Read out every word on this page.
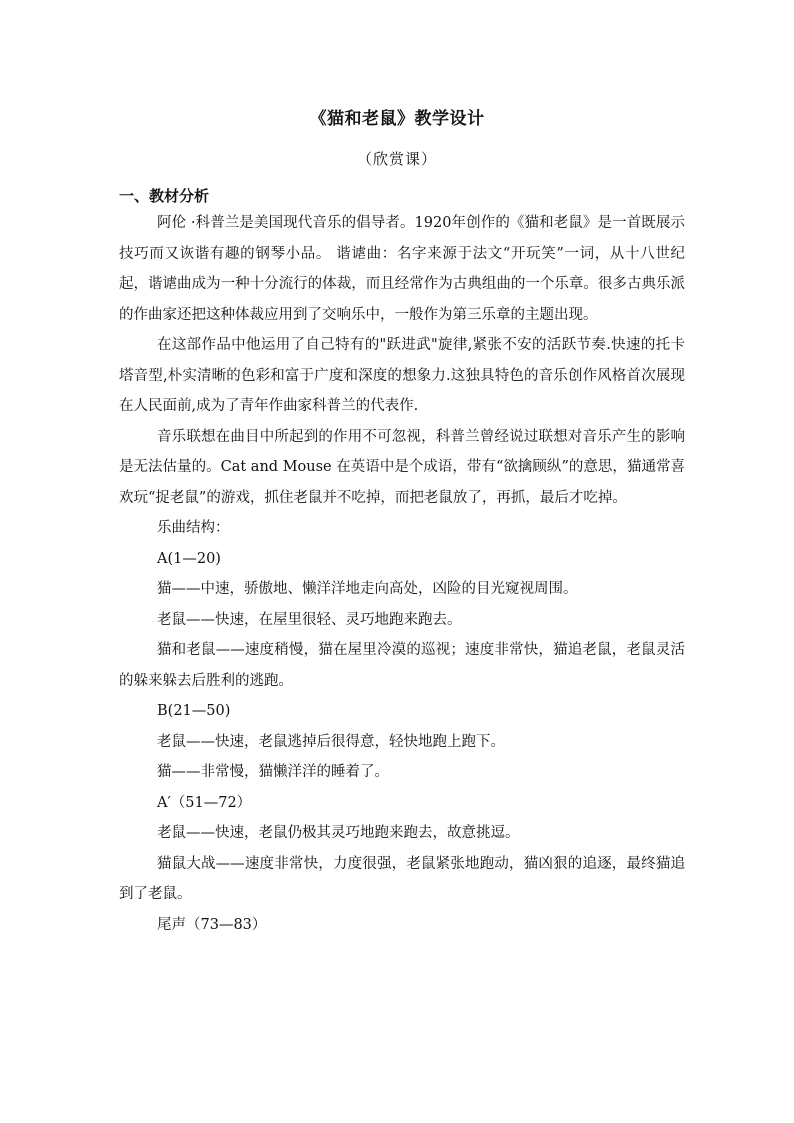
《猫和老鼠》教学设计
（欣赏课）
一、教材分析

阿伦 ·科普兰是美国现代音乐的倡导者。1920年创作的《猫和老鼠》是一首既展示技巧而又诙谐有趣的钢琴小品。 谐谑曲：名字来源于法文“开玩笑”一词，从十八世纪起，谐谑曲成为一种十分流行的体裁，而且经常作为古典组曲的一个乐章。很多古典乐派的作曲家还把这种体裁应用到了交响乐中，一般作为第三乐章的主题出现。

在这部作品中他运用了自己特有的"跃进武"旋律,紧张不安的活跃节奏.快速的托卡塔音型,朴实清晰的色彩和富于广度和深度的想象力.这独具特色的音乐创作风格首次展现在人民面前,成为了青年作曲家科普兰的代表作.

音乐联想在曲目中所起到的作用不可忽视，科普兰曾经说过联想对音乐产生的影响是无法估量的。Cat and Mouse 在英语中是个成语，带有“欲擒顾纵”的意思，猫通常喜欢玩“捉老鼠”的游戏，抓住老鼠并不吃掉，而把老鼠放了，再抓，最后才吃掉。

乐曲结构：

A(1—20)

猫——中速，骄傲地、懒洋洋地走向高处，凶险的目光窥视周围。

老鼠——快速，在屋里很轻、灵巧地跑来跑去。

猫和老鼠——速度稍慢，猫在屋里冷漠的巡视；速度非常快，猫追老鼠，老鼠灵活的躲来躲去后胜利的逃跑。

B(21—50)

老鼠——快速，老鼠逃掉后很得意，轻快地跑上跑下。

猫——非常慢，猫懒洋洋的睡着了。

A′（51—72）

老鼠——快速，老鼠仍极其灵巧地跑来跑去，故意挑逗。

猫鼠大战——速度非常快，力度很强，老鼠紧张地跑动，猫凶狠的追逐，最终猫追到了老鼠。

尾声（73—83）
